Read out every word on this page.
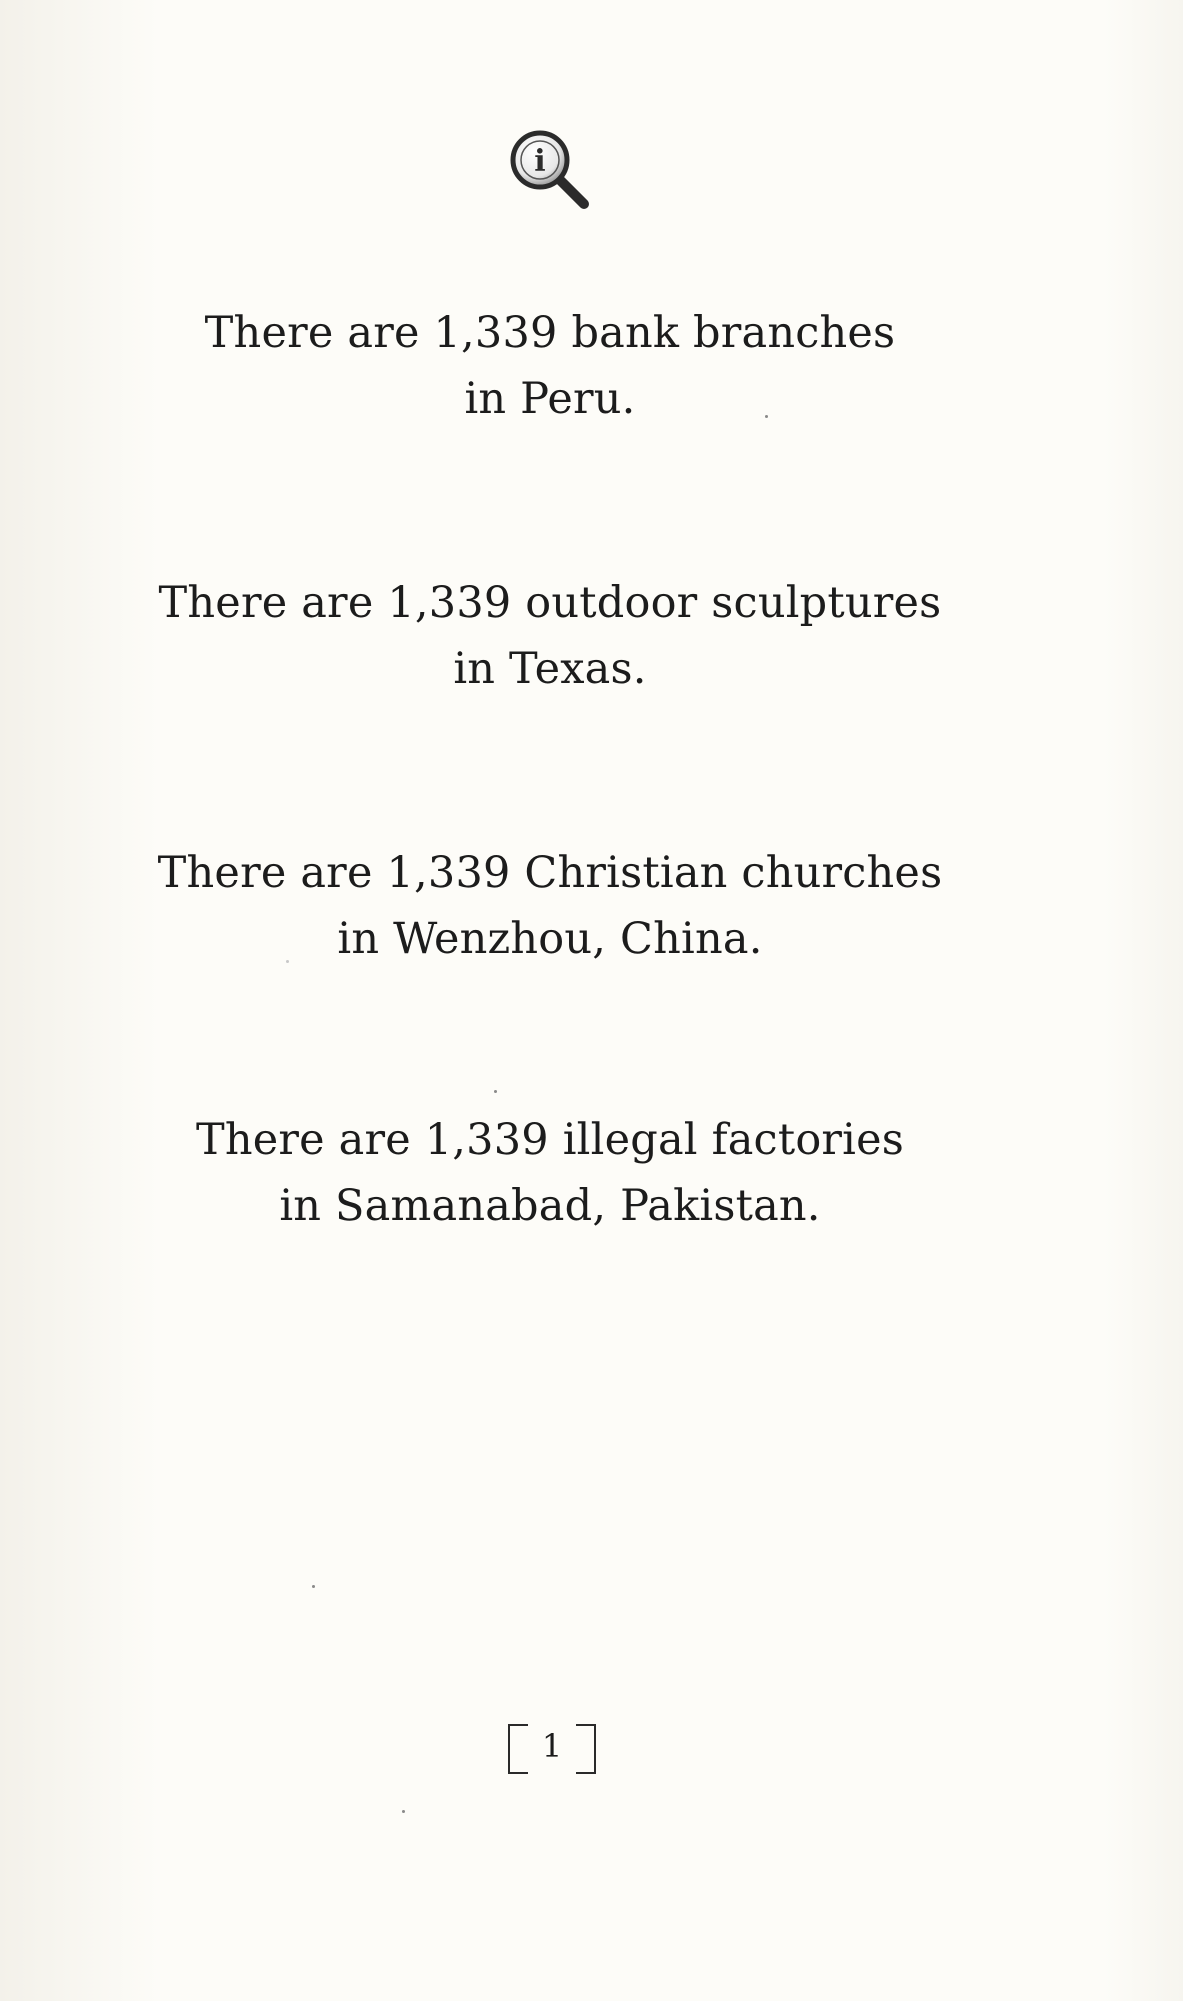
i
There are 1,339 bank branches
in Peru.
There are 1,339 outdoor sculptures
in Texas.
There are 1,339 Christian churches
in Wenzhou, China.
There are 1,339 illegal factories
in Samanabad, Pakistan.
1
